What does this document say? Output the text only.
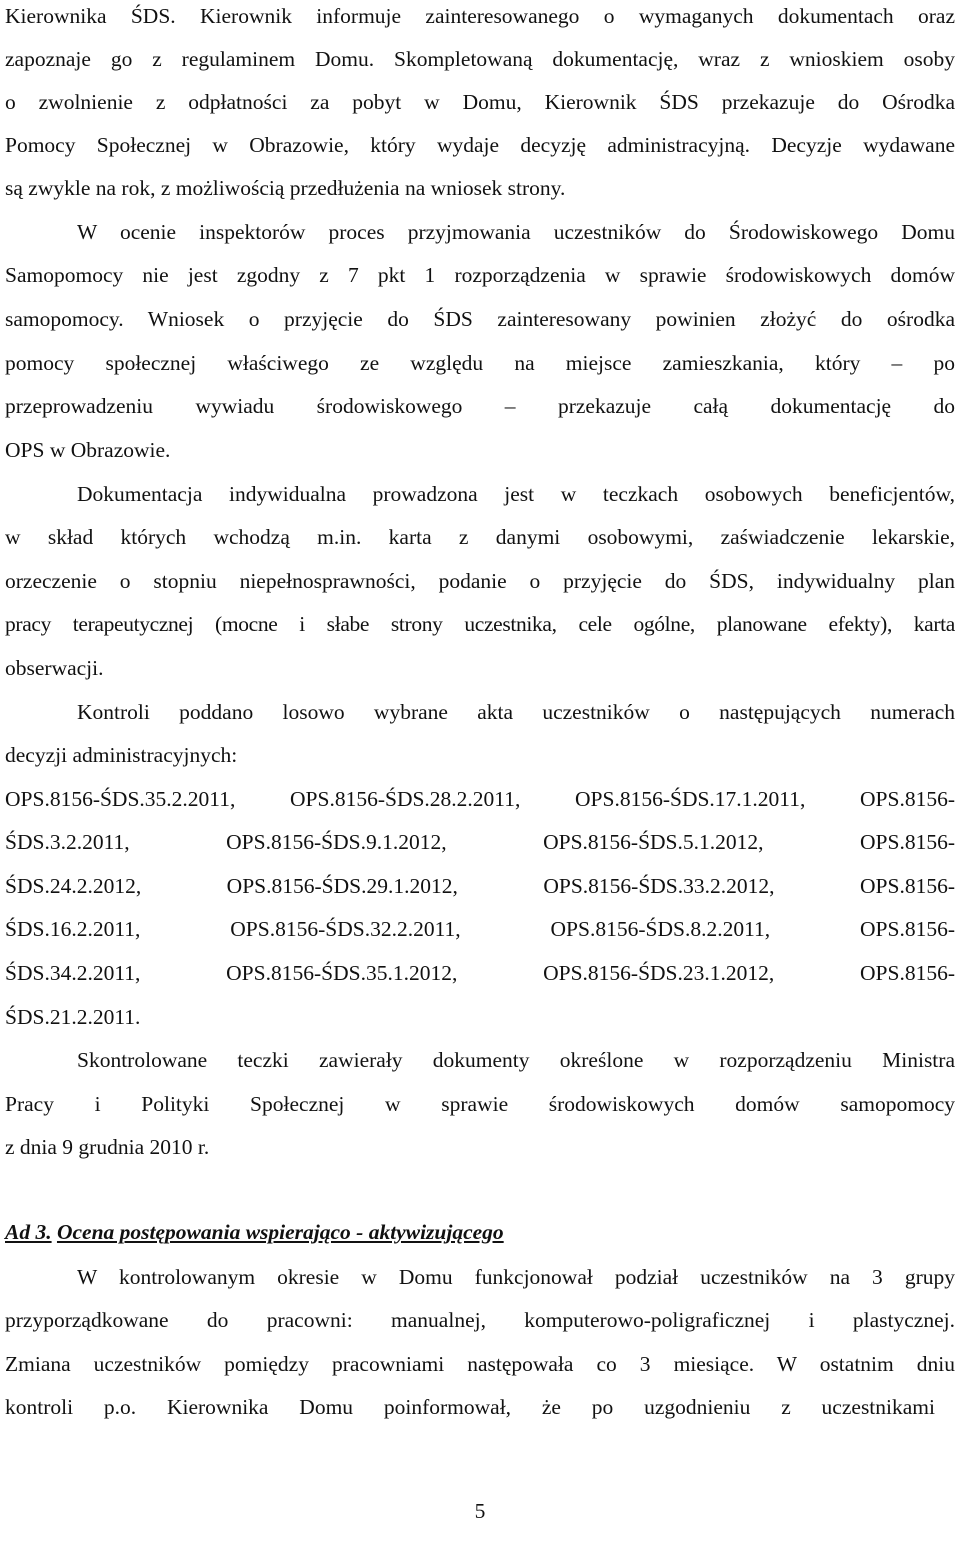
Kierownika ŚDS. Kierownik informuje zainteresowanego o wymaganych dokumentach oraz
zapoznaje go z regulaminem Domu. Skompletowaną dokumentację, wraz z wnioskiem osoby
o zwolnienie z odpłatności za pobyt w Domu, Kierownik ŚDS przekazuje do Ośrodka
Pomocy Społecznej w Obrazowie, który wydaje decyzję administracyjną. Decyzje wydawane
są zwykle na rok, z możliwością przedłużenia na wniosek strony.
W ocenie inspektorów proces przyjmowania uczestników do Środowiskowego Domu
Samopomocy nie jest zgodny z 7 pkt 1 rozporządzenia w sprawie środowiskowych domów
samopomocy. Wniosek o przyjęcie do ŚDS zainteresowany powinien złożyć do ośrodka
pomocy społecznej właściwego ze względu na miejsce zamieszkania, który – po
przeprowadzeniu wywiadu środowiskowego – przekazuje całą dokumentację do
OPS w Obrazowie.
Dokumentacja indywidualna prowadzona jest w teczkach osobowych beneficjentów,
w skład których wchodzą m.in. karta z danymi osobowymi, zaświadczenie lekarskie,
orzeczenie o stopniu niepełnosprawności, podanie o przyjęcie do ŚDS, indywidualny plan
pracy terapeutycznej (mocne i słabe strony uczestnika, cele ogólne, planowane efekty), karta
obserwacji.
Kontroli poddano losowo wybrane akta uczestników o następujących numerach
decyzji administracyjnych:
OPS.8156-ŚDS.35.2.2011, OPS.8156-ŚDS.28.2.2011, OPS.8156-ŚDS.17.1.2011, OPS.8156-
ŚDS.3.2.2011, OPS.8156-ŚDS.9.1.2012, OPS.8156-ŚDS.5.1.2012, OPS.8156-
ŚDS.24.2.2012, OPS.8156-ŚDS.29.1.2012, OPS.8156-ŚDS.33.2.2012, OPS.8156-
ŚDS.16.2.2011, OPS.8156-ŚDS.32.2.2011, OPS.8156-ŚDS.8.2.2011, OPS.8156-
ŚDS.34.2.2011, OPS.8156-ŚDS.35.1.2012, OPS.8156-ŚDS.23.1.2012, OPS.8156-
ŚDS.21.2.2011.
Skontrolowane teczki zawierały dokumenty określone w rozporządzeniu Ministra
Pracy i Polityki Społecznej w sprawie środowiskowych domów samopomocy
z dnia 9 grudnia 2010 r.
Ad 3. Ocena postępowania wspierająco - aktywizującego
W kontrolowanym okresie w Domu funkcjonował podział uczestników na 3 grupy
przyporządkowane do pracowni: manualnej, komputerowo-poligraficznej i plastycznej.
Zmiana uczestników pomiędzy pracowniami następowała co 3 miesiące. W ostatnim dniu
kontroli p.o. Kierownika Domu poinformował, że po uzgodnieniu z uczestnikami
5
